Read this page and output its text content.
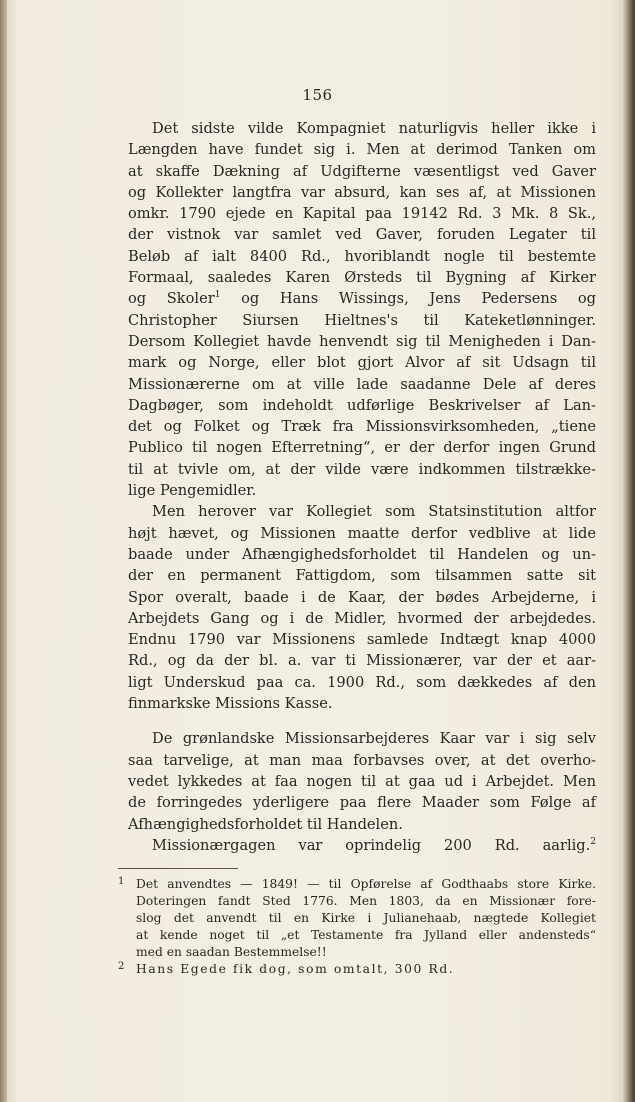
156

Det sidste vilde Kompagniet naturligvis heller ikke i
Længden have fundet sig i. Men at derimod Tanken om
at skaffe Dækning af Udgifterne væsentligst ved Gaver
og Kollekter langtfra var absurd, kan ses af, at Missionen
omkr. 1790 ejede en Kapital paa 19142 Rd. 3 Mk. 8 Sk.,
der vistnok var samlet ved Gaver, foruden Legater til
Beløb af ialt 8400 Rd., hvoriblandt nogle til bestemte
Formaal, saaledes Karen Ørsteds til Bygning af Kirker
og Skoler$^1$ og Hans Wissings, Jens Pedersens og
Christopher Siursen Hieltnes's til Kateketlønninger.
Dersom Kollegiet havde henvendt sig til Menigheden i Dan-
mark og Norge, eller blot gjort Alvor af sit Udsagn til
Missionærerne om at ville lade saadanne Dele af deres
Dagbøger, som indeholdt udførlige Beskrivelser af Lan-
det og Folket og Træk fra Missionsvirksomheden, „tiene
Publico til nogen Efterretning“, er der derfor ingen Grund
til at tvivle om, at der vilde være indkommen tilstrække-
lige Pengemidler.

Men herover var Kollegiet som Statsinstitution altfor
højt hævet, og Missionen maatte derfor vedblive at lide
baade under Afhængighedsforholdet til Handelen og un-
der en permanent Fattigdom, som tilsammen satte sit
Spor overalt, baade i de Kaar, der bødes Arbejderne, i
Arbejdets Gang og i de Midler, hvormed der arbejdedes.
Endnu 1790 var Missionens samlede Indtægt knap 4000
Rd., og da der bl. a. var ti Missionærer, var der et aar-
ligt Underskud paa ca. 1900 Rd., som dækkedes af den
finmarkske Missions Kasse.

De grønlandske Missionsarbejderes Kaar var i sig selv
saa tarvelige, at man maa forbavses over, at det overho-
vedet lykkedes at faa nogen til at gaa ud i Arbejdet. Men
de forringedes yderligere paa flere Maader som Følge af
Afhængighedsforholdet til Handelen.

Missionærgagen var oprindelig 200 Rd. aarlig.$^2$

1 Det anvendtes — 1849! — til Opførelse af Godthaabs store Kirke.
Doteringen fandt Sted 1776. Men 1803, da en Missionær fore-
slog det anvendt til en Kirke i Julianehaab, nægtede Kollegiet
at kende noget til „et Testamente fra Jylland eller andensteds“
med en saadan Bestemmelse!!
2 Hans Egede fik dog, som omtalt, 300 Rd.
